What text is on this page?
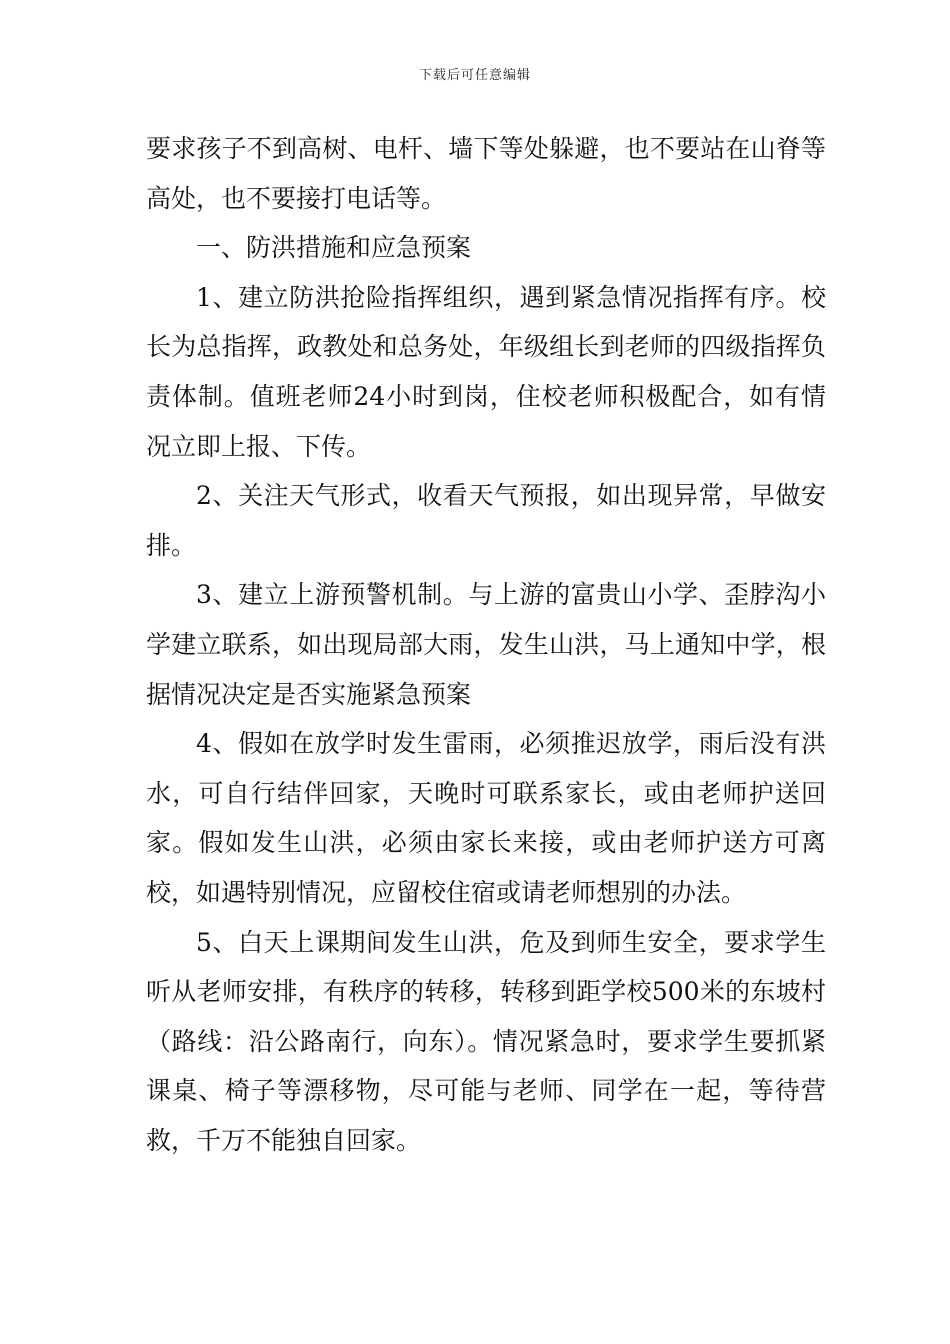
下载后可任意编辑

要求孩子不到高树、电杆、墙下等处躲避，也不要站在山脊等高处，也不要接打电话等。

一、防洪措施和应急预案

1、建立防洪抢险指挥组织，遇到紧急情况指挥有序。校长为总指挥，政教处和总务处，年级组长到老师的四级指挥负责体制。值班老师24小时到岗，住校老师积极配合，如有情况立即上报、下传。

2、关注天气形式，收看天气预报，如出现异常，早做安排。

3、建立上游预警机制。与上游的富贵山小学、歪脖沟小学建立联系，如出现局部大雨，发生山洪，马上通知中学，根据情况决定是否实施紧急预案

4、假如在放学时发生雷雨，必须推迟放学，雨后没有洪水，可自行结伴回家，天晚时可联系家长，或由老师护送回家。假如发生山洪，必须由家长来接，或由老师护送方可离校，如遇特别情况，应留校住宿或请老师想别的办法。

5、白天上课期间发生山洪，危及到师生安全，要求学生听从老师安排，有秩序的转移，转移到距学校500米的东坡村（路线：沿公路南行，向东）。情况紧急时，要求学生要抓紧课桌、椅子等漂移物，尽可能与老师、同学在一起，等待营救，千万不能独自回家。
